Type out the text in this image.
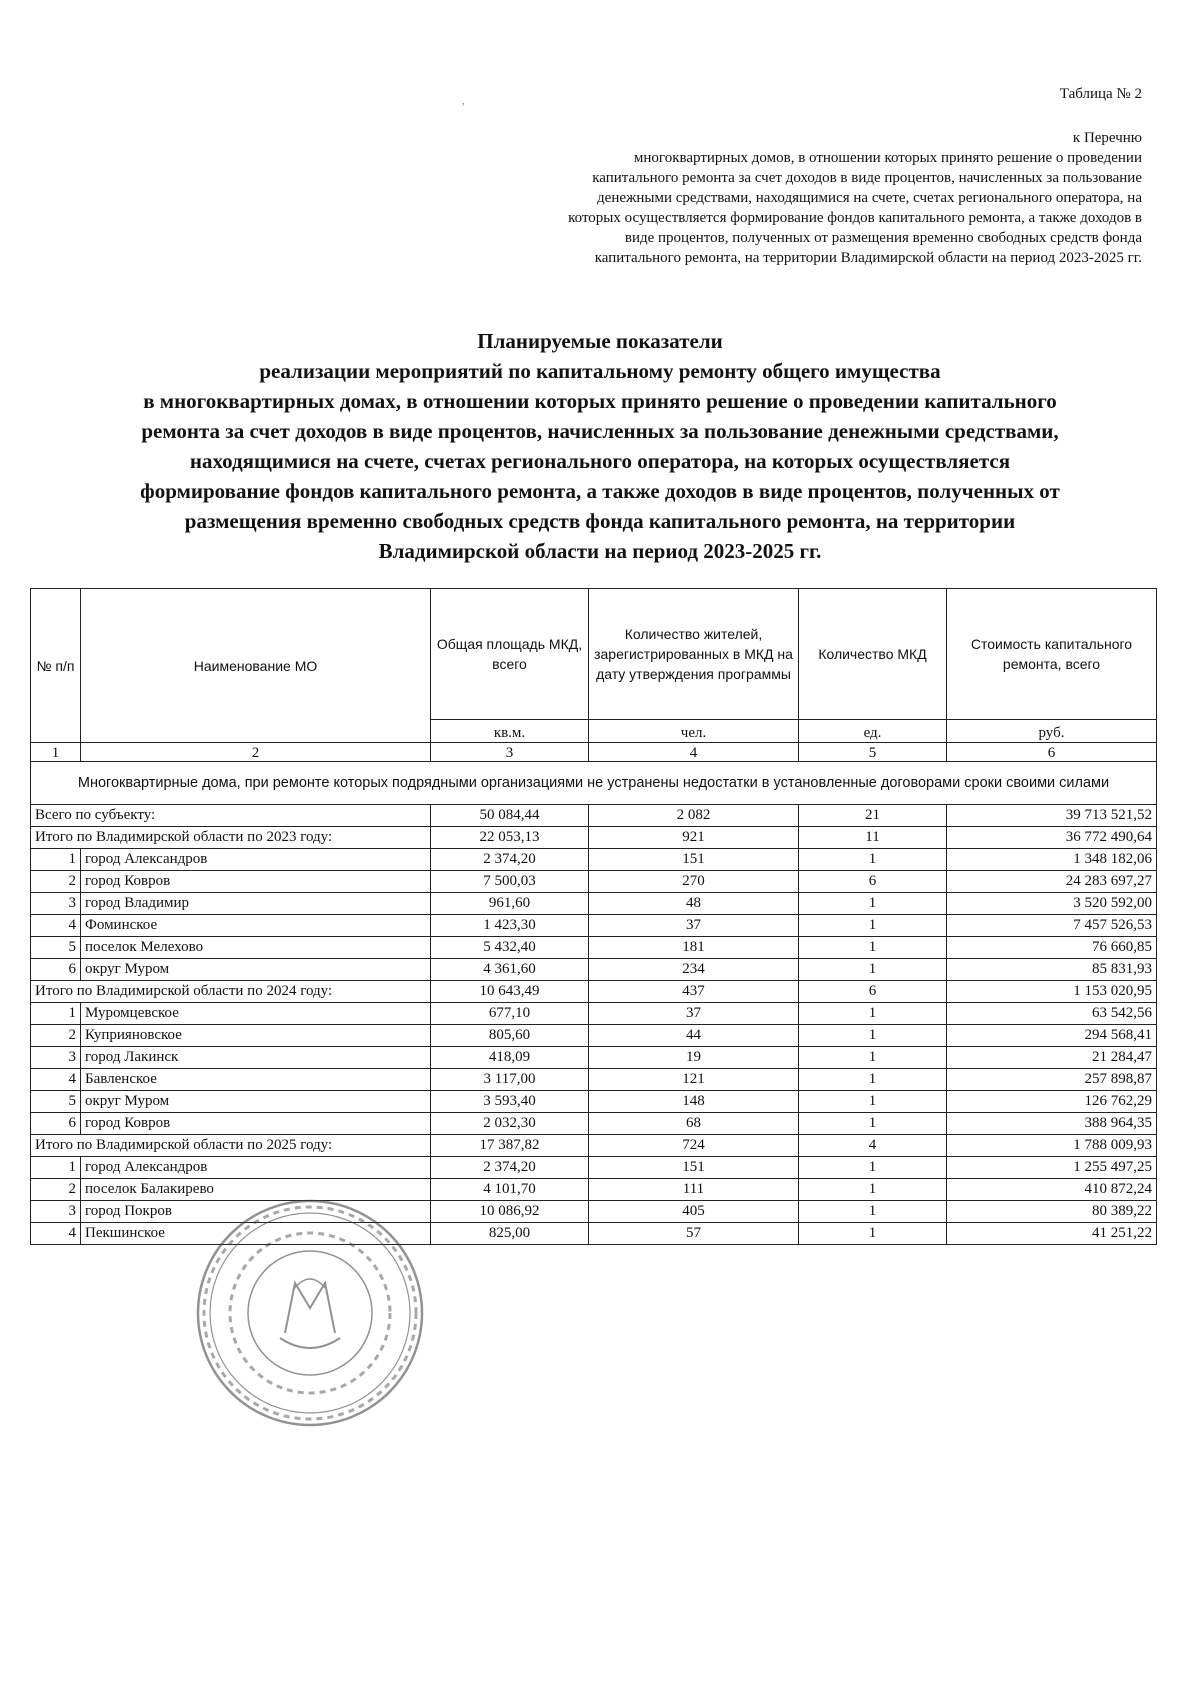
Таблица № 2
к Перечню
многоквартирных домов, в отношении которых принято решение о проведении
капитального ремонта за счет доходов в виде процентов, начисленных за пользование
денежными средствами, находящимися на счете, счетах регионального оператора, на
которых осуществляется формирование фондов капитального ремонта, а также доходов в
виде процентов, полученных от размещения временно свободных средств фонда
капитального ремонта, на территории Владимирской области на период 2023-2025 гг.
Планируемые показатели
реализации мероприятий по капитальному ремонту общего имущества
в многоквартирных домах, в отношении которых принято решение о проведении капитального
ремонта за счет доходов в виде процентов, начисленных за пользование денежными средствами,
находящимися на счете, счетах регионального оператора, на которых осуществляется
формирование фондов капитального ремонта, а также доходов в виде процентов, полученных от
размещения временно свободных средств фонда капитального ремонта, на территории
Владимирской области на период 2023-2025 гг.
№ п/п	Наименование МО	Общая площадь МКД, всего	Количество жителей, зарегистрированных в МКД на дату утверждения программы	Количество МКД	Стоимость капитального ремонта, всего
		кв.м.	чел.	ед.	руб.
1	2	3	4	5	6
Многоквартирные дома, при ремонте которых подрядными организациями не устранены недостатки в установленные договорами сроки своими силами					
Всего по субъекту:		50 084,44	2 082	21	39 713 521,52
Итого по Владимирской области по 2023 году:		22 053,13	921	11	36 772 490,64
1	город Александров	2 374,20	151	1	1 348 182,06
2	город Ковров	7 500,03	270	6	24 283 697,27
3	город Владимир	961,60	48	1	3 520 592,00
4	Фоминское	1 423,30	37	1	7 457 526,53
5	поселок Мелехово	5 432,40	181	1	76 660,85
6	округ Муром	4 361,60	234	1	85 831,93
Итого по Владимирской области по 2024 году:		10 643,49	437	6	1 153 020,95
1	Муромцевское	677,10	37	1	63 542,56
2	Куприяновское	805,60	44	1	294 568,41
3	город Лакинск	418,09	19	1	21 284,47
4	Бавленское	3 117,00	121	1	257 898,87
5	округ Муром	3 593,40	148	1	126 762,29
6	город Ковров	2 032,30	68	1	388 964,35
Итого по Владимирской области по 2025 году:		17 387,82	724	4	1 788 009,93
1	город Александров	2 374,20	151	1	1 255 497,25
2	поселок Балакирево	4 101,70	111	1	410 872,24
3	город Покров	10 086,92	405	1	80 389,22
4	Пекшинское	825,00	57	1	41 251,22
,
